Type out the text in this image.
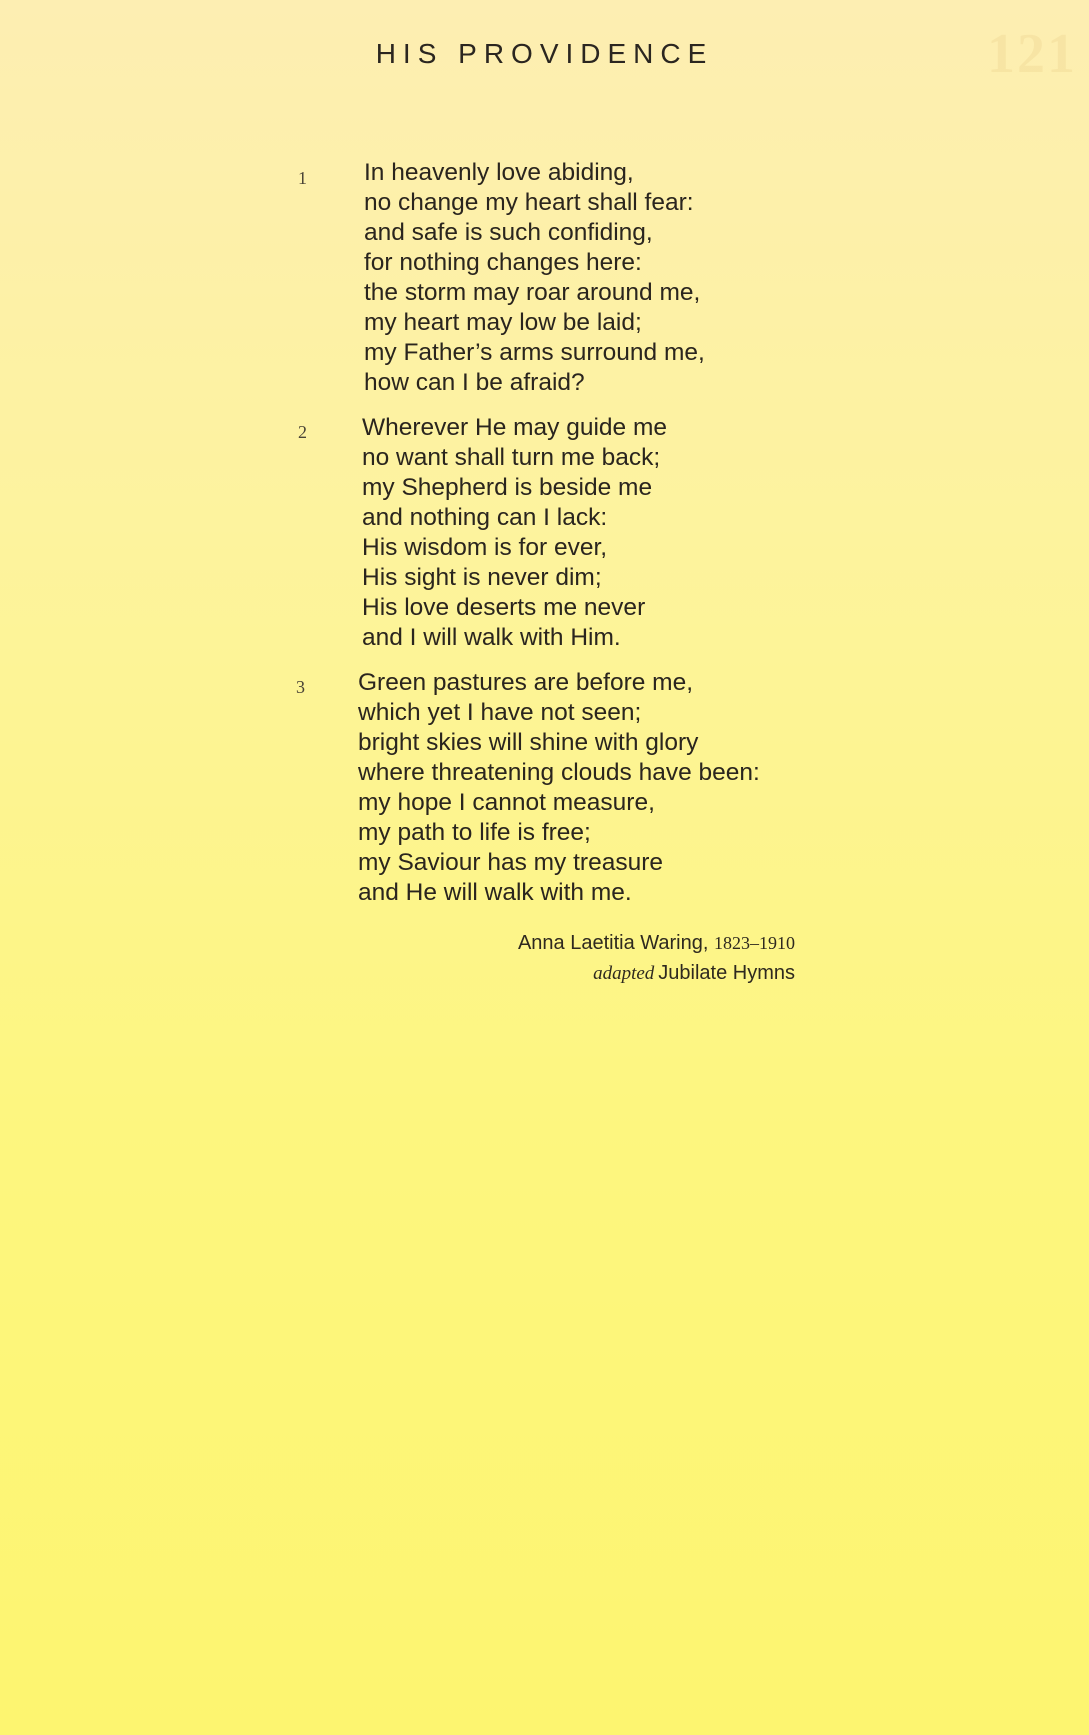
121
HIS PROVIDENCE
1 In heavenly love abiding,
no change my heart shall fear:
and safe is such confiding,
for nothing changes here:
the storm may roar around me,
my heart may low be laid;
my Father’s arms surround me,
how can I be afraid?
2 Wherever He may guide me
no want shall turn me back;
my Shepherd is beside me
and nothing can I lack:
His wisdom is for ever,
His sight is never dim;
His love deserts me never
and I will walk with Him.
3 Green pastures are before me,
which yet I have not seen;
bright skies will shine with glory
where threatening clouds have been:
my hope I cannot measure,
my path to life is free;
my Saviour has my treasure
and He will walk with me.
Anna Laetitia Waring, 1823–1910
adapted Jubilate Hymns
